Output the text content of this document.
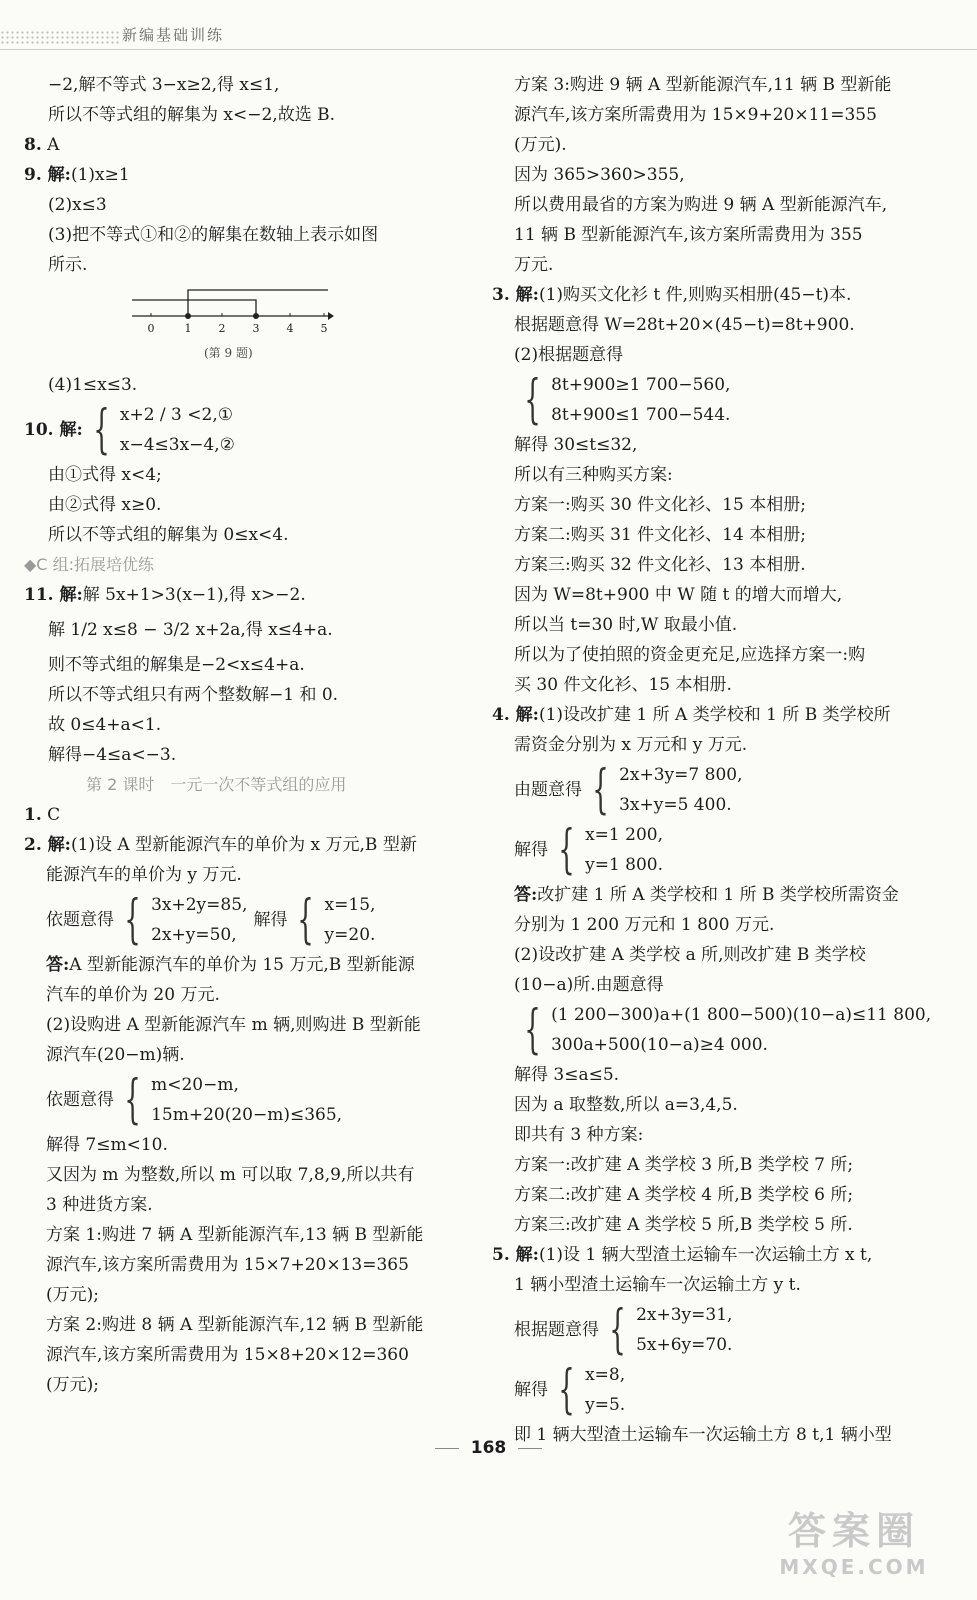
新编基础训练
−2,解不等式 3−x≥2,得 x≤1,
所以不等式组的解集为 x<−2,故选 B.
8. A
9. 解:(1)x≥1
(2)x≤3
(3)把不等式①和②的解集在数轴上表示如图
所示.
0	1 2 3 4 5
(第 9 题)
(4)1≤x≤3.
10. 解: { x+2 / 3 <2,①
x−4≤3x−4,②
由①式得 x<4;
由②式得 x≥0.
所以不等式组的解集为 0≤x<4.
◆C 组:拓展培优练
11. 解:解 5x+1>3(x−1),得 x>−2.
解 1/2 x≤8 − 3/2 x+2a,得 x≤4+a.
则不等式组的解集是−2<x≤4+a.
所以不等式组只有两个整数解−1 和 0.
故 0≤4+a<1.
解得−4≤a<−3.
第 2 课时　一元一次不等式组的应用
1. C
2. 解:(1)设 A 型新能源汽车的单价为 x 万元,B 型新
能源汽车的单价为 y 万元.
依题意得 { 3x+2y=85,
2x+y=50,
解得 { x=15,
y=20.
答:A 型新能源汽车的单价为 15 万元,B 型新能源
汽车的单价为 20 万元.
(2)设购进 A 型新能源汽车 m 辆,则购进 B 型新能
源汽车(20−m)辆.
依题意得 { m<20−m,
15m+20(20−m)≤365,
解得 7≤m<10.
又因为 m 为整数,所以 m 可以取 7,8,9,所以共有
3 种进货方案.
方案 1:购进 7 辆 A 型新能源汽车,13 辆 B 型新能
源汽车,该方案所需费用为 15×7+20×13=365
(万元);
方案 2:购进 8 辆 A 型新能源汽车,12 辆 B 型新能
源汽车,该方案所需费用为 15×8+20×12=360
(万元);
方案 3:购进 9 辆 A 型新能源汽车,11 辆 B 型新能
源汽车,该方案所需费用为 15×9+20×11=355
(万元).
因为 365>360>355,
所以费用最省的方案为购进 9 辆 A 型新能源汽车,
11 辆 B 型新能源汽车,该方案所需费用为 355
万元.
3. 解:(1)购买文化衫 t 件,则购买相册(45−t)本.
根据题意得 W=28t+20×(45−t)=8t+900.
(2)根据题意得
{ 8t+900≥1 700−560,
8t+900≤1 700−544.
解得 30≤t≤32,
所以有三种购买方案:
方案一:购买 30 件文化衫、15 本相册;
方案二:购买 31 件文化衫、14 本相册;
方案三:购买 32 件文化衫、13 本相册.
因为 W=8t+900 中 W 随 t 的增大而增大,
所以当 t=30 时,W 取最小值.
所以为了使拍照的资金更充足,应选择方案一:购
买 30 件文化衫、15 本相册.
4. 解:(1)设改扩建 1 所 A 类学校和 1 所 B 类学校所
需资金分别为 x 万元和 y 万元.
由题意得 { 2x+3y=7 800,
3x+y=5 400.
解得 { x=1 200,
y=1 800.
答:改扩建 1 所 A 类学校和 1 所 B 类学校所需资金
分别为 1 200 万元和 1 800 万元.
(2)设改扩建 A 类学校 a 所,则改扩建 B 类学校
(10−a)所.由题意得
{ (1 200−300)a+(1 800−500)(10−a)≤11 800,
300a+500(10−a)≥4 000.
解得 3≤a≤5.
因为 a 取整数,所以 a=3,4,5.
即共有 3 种方案:
方案一:改扩建 A 类学校 3 所,B 类学校 7 所;
方案二:改扩建 A 类学校 4 所,B 类学校 6 所;
方案三:改扩建 A 类学校 5 所,B 类学校 5 所.
5. 解:(1)设 1 辆大型渣土运输车一次运输土方 x t,
1 辆小型渣土运输车一次运输土方 y t.
根据题意得 { 2x+3y=31,
5x+6y=70.
解得 { x=8,
y=5.
即 1 辆大型渣土运输车一次运输土方 8 t,1 辆小型
168
答案圈
MXQE.COM
